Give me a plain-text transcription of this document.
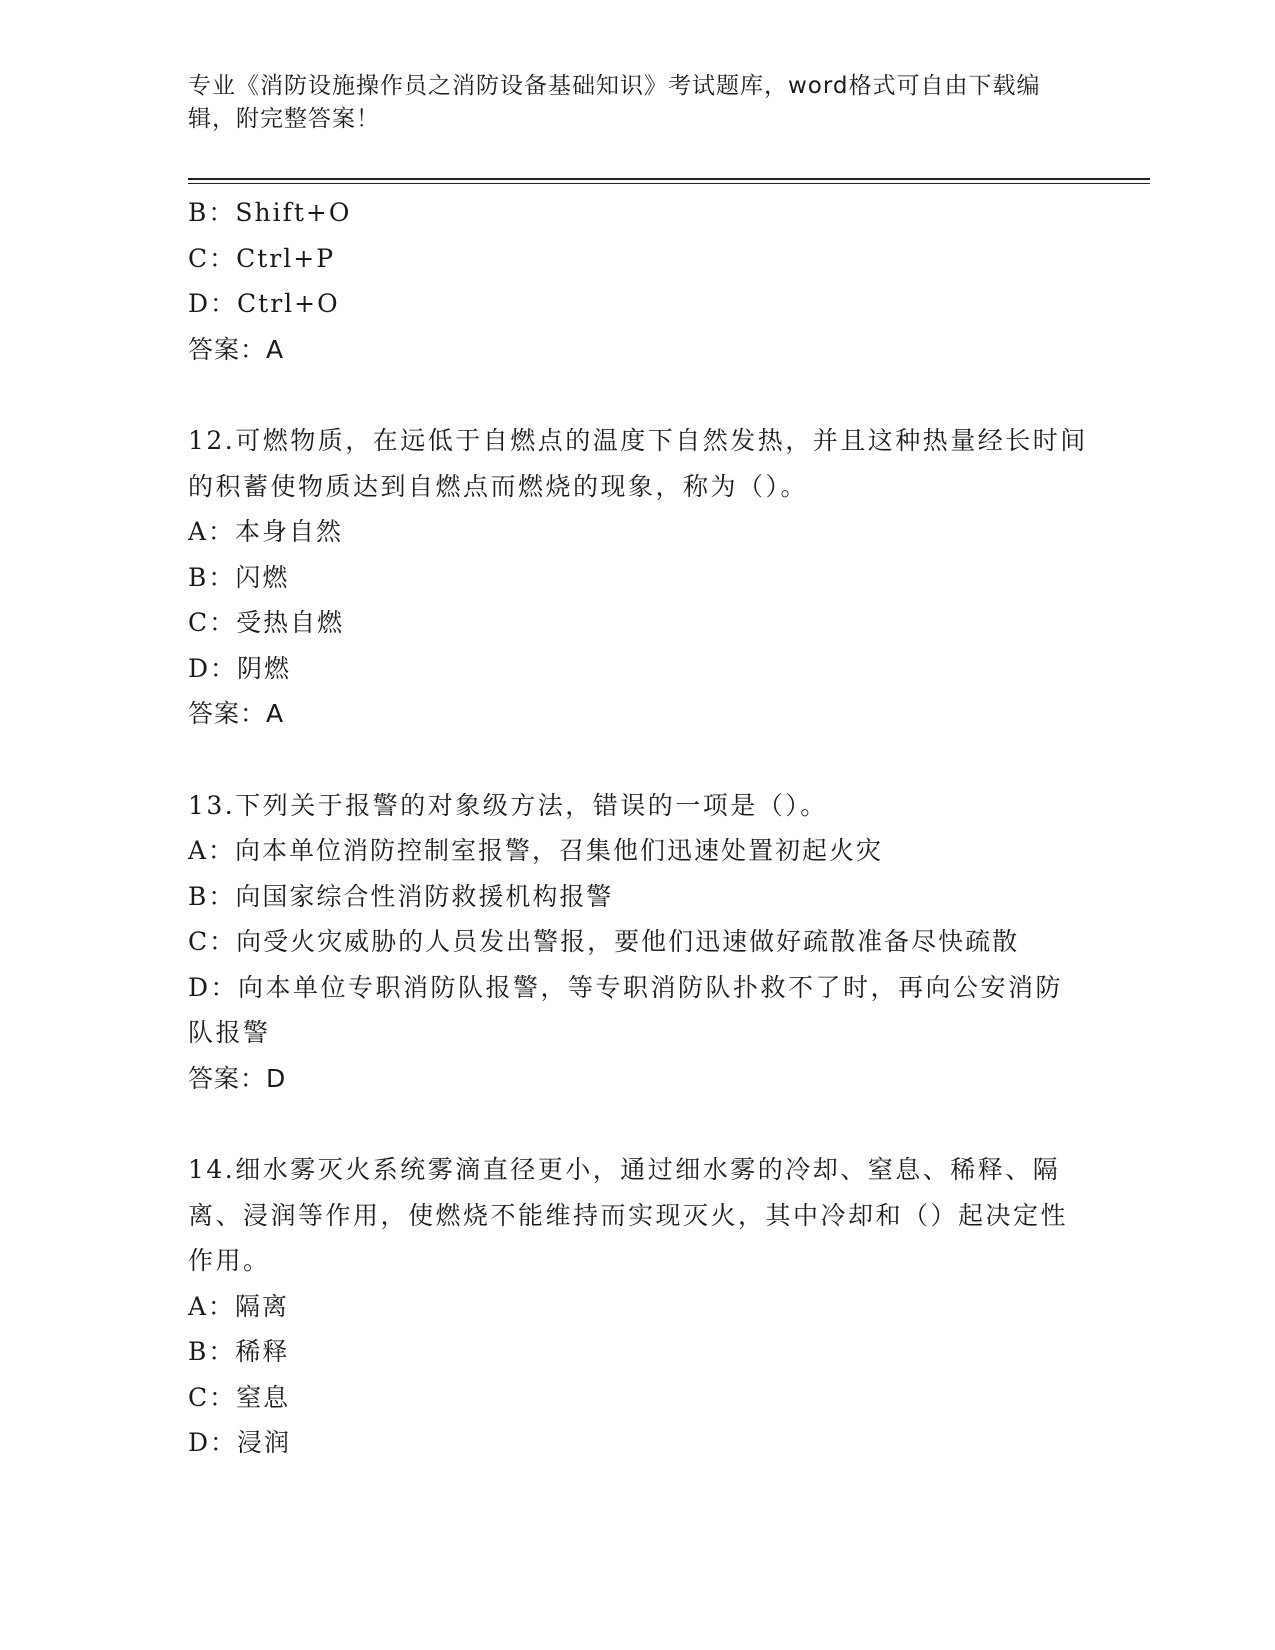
专业《消防设施操作员之消防设备基础知识》考试题库，word格式可自由下载编辑，附完整答案！
B：Shift+O
C：Ctrl+P
D：Ctrl+O
答案：A
12.可燃物质，在远低于自燃点的温度下自然发热，并且这种热量经长时间的积蓄使物质达到自燃点而燃烧的现象，称为（）。
A：本身自然
B：闪燃
C：受热自燃
D：阴燃
答案：A
13.下列关于报警的对象级方法，错误的一项是（）。
A：向本单位消防控制室报警，召集他们迅速处置初起火灾
B：向国家综合性消防救援机构报警
C：向受火灾威胁的人员发出警报，要他们迅速做好疏散准备尽快疏散
D：向本单位专职消防队报警，等专职消防队扑救不了时，再向公安消防队报警
答案：D
14.细水雾灭火系统雾滴直径更小，通过细水雾的冷却、窒息、稀释、隔离、浸润等作用，使燃烧不能维持而实现灭火，其中冷却和（）起决定性作用。
A：隔离
B：稀释
C：窒息
D：浸润
